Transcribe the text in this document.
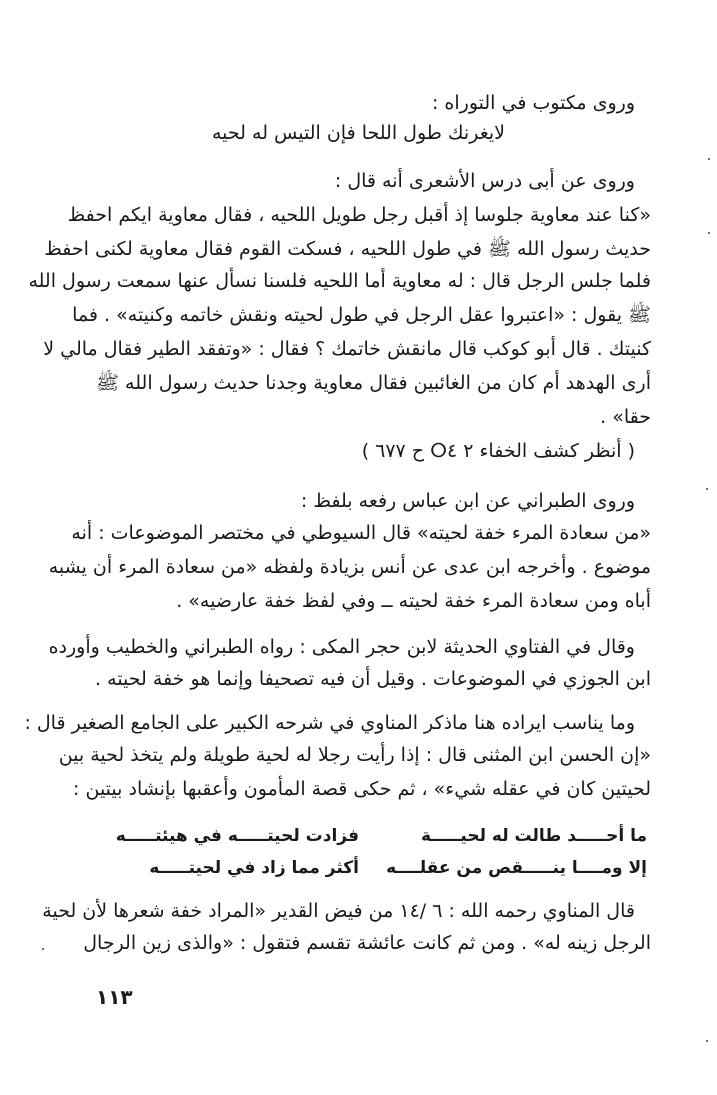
وروى مكتوب في التوراه :
لايغرنك طول اللحا فإن التيس له لحيه
وروى عن أبى درس الأشعرى أنه قال :
«كنا عند معاوية جلوسا إذ أقبل رجل طويل اللحيه ، فقال معاوية ايكم احفظ
حديث رسول الله ﷺ في طول اللحيه ، فسكت القوم فقال معاوية لكنى احفظ
فلما جلس الرجل قال : له معاوية أما اللحيه فلسنا نسأل عنها سمعت رسول الله
ﷺ يقول : «اعتبروا عقل الرجل في طول لحيته ونقش خاتمه وكنيته» . فما
كنيتك . قال أبو كوكب قال مانقش خاتمك ؟ فقال : «وتفقد الطير فقال مالي لا
أرى الهدهد أم كان من الغائبين فقال معاوية وجدنا حديث رسول الله ﷺ
حقا» .
( أنظر كشف الخفاء ٢ ⵔ٤ ح ٦٧٧ )
وروى الطبراني عن ابن عباس رفعه بلفظ :
«من سعادة المرء خفة لحيته» قال السيوطي في مختصر الموضوعات : أنه
موضوع . وأخرجه ابن عدى عن أنس بزيادة ولفظه «من سعادة المرء أن يشبه
أباه ومن سعادة المرء خفة لحيته ــ وفي لفظ خفة عارضيه» .
وقال في الفتاوي الحديثة لابن حجر المكى : رواه الطبراني والخطيب وأورده
ابن الجوزي في الموضوعات . وقيل أن فيه تصحيفا وإنما هو خفة لحيته .
وما يناسب ايراده هنا ماذكر المناوي في شرحه الكبير على الجامع الصغير قال :
«إن الحسن ابن المثنى قال : إذا رأيت رجلا له لحية طويلة ولم يتخذ لحية بين
لحيتين كان في عقله شيء» ، ثم حكى قصة المأمون وأعقبها بإنشاد بيتين :
ما أحـــــد طالت له لحيـــــة
فزادت لحيتـــــه في هيئتـــــه
إلا ومــــا ينـــــقص من عقلــــه
أكثر مما زاد في لحيتـــــه
قال المناوي رحمه الله : ٦ /١٤ من فيض القدير «المراد خفة شعرها لأن لحية
الرجل زينه له» . ومن ثم كانت عائشة تقسم فتقول : «والذى زين الرجال
١١٣
